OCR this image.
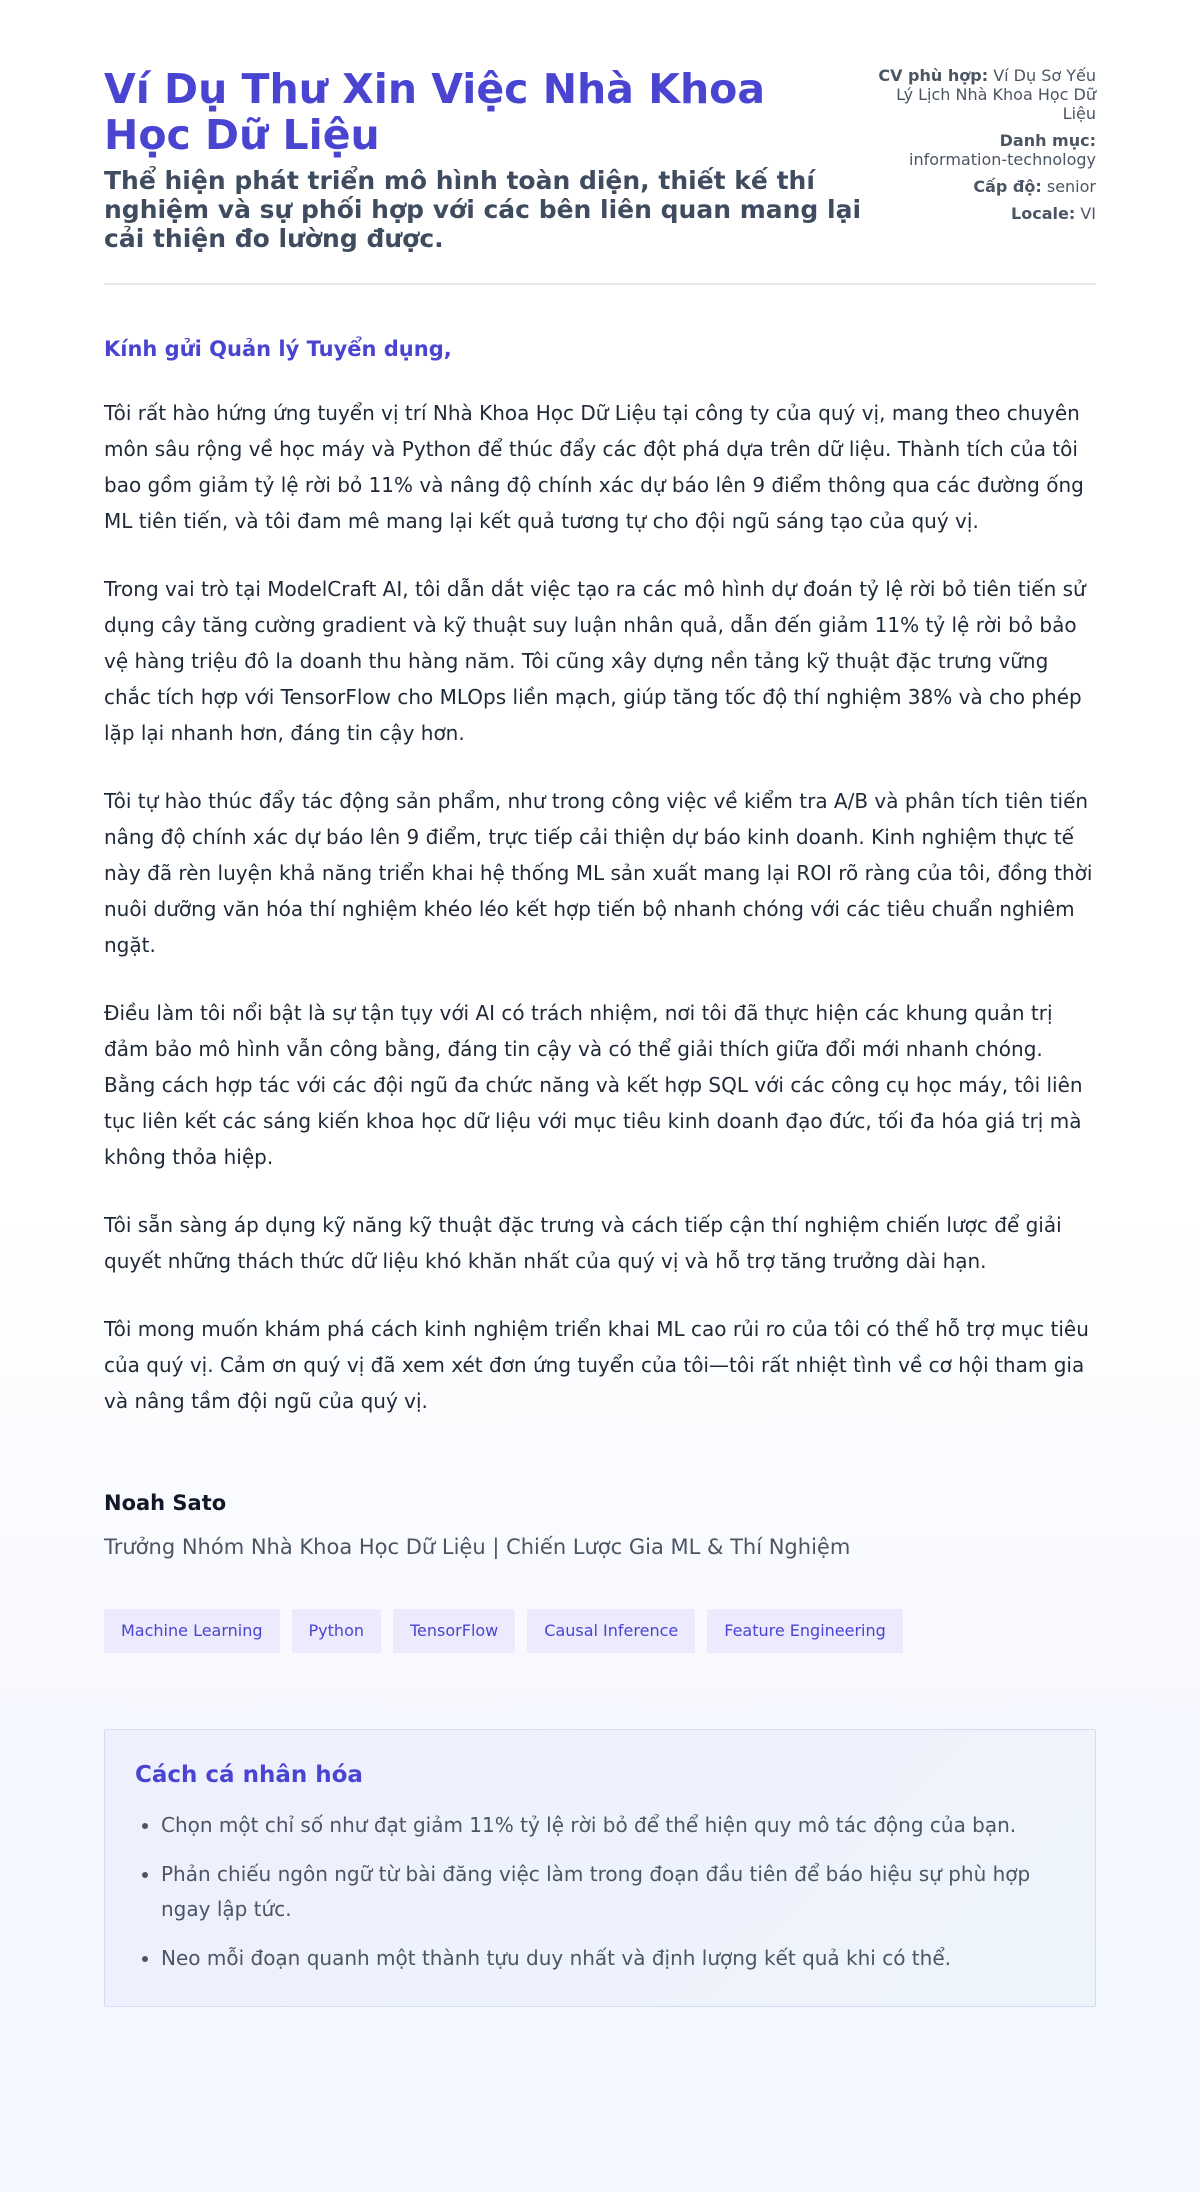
Ví Dụ Thư Xin Việc Nhà Khoa Học Dữ Liệu
Thể hiện phát triển mô hình toàn diện, thiết kế thí nghiệm và sự phối hợp với các bên liên quan mang lại cải thiện đo lường được.
CV phù hợp: Ví Dụ Sơ Yếu Lý Lịch Nhà Khoa Học Dữ Liệu
Danh mục:
information-technology
Cấp độ: senior
Locale: VI

Kính gửi Quản lý Tuyển dụng,

Tôi rất hào hứng ứng tuyển vị trí Nhà Khoa Học Dữ Liệu tại công ty của quý vị, mang theo chuyên môn sâu rộng về học máy và Python để thúc đẩy các đột phá dựa trên dữ liệu. Thành tích của tôi bao gồm giảm tỷ lệ rời bỏ 11% và nâng độ chính xác dự báo lên 9 điểm thông qua các đường ống ML tiên tiến, và tôi đam mê mang lại kết quả tương tự cho đội ngũ sáng tạo của quý vị.

Trong vai trò tại ModelCraft AI, tôi dẫn dắt việc tạo ra các mô hình dự đoán tỷ lệ rời bỏ tiên tiến sử dụng cây tăng cường gradient và kỹ thuật suy luận nhân quả, dẫn đến giảm 11% tỷ lệ rời bỏ bảo vệ hàng triệu đô la doanh thu hàng năm. Tôi cũng xây dựng nền tảng kỹ thuật đặc trưng vững chắc tích hợp với TensorFlow cho MLOps liền mạch, giúp tăng tốc độ thí nghiệm 38% và cho phép lặp lại nhanh hơn, đáng tin cậy hơn.

Tôi tự hào thúc đẩy tác động sản phẩm, như trong công việc về kiểm tra A/B và phân tích tiên tiến nâng độ chính xác dự báo lên 9 điểm, trực tiếp cải thiện dự báo kinh doanh. Kinh nghiệm thực tế này đã rèn luyện khả năng triển khai hệ thống ML sản xuất mang lại ROI rõ ràng của tôi, đồng thời nuôi dưỡng văn hóa thí nghiệm khéo léo kết hợp tiến bộ nhanh chóng với các tiêu chuẩn nghiêm ngặt.

Điều làm tôi nổi bật là sự tận tụy với AI có trách nhiệm, nơi tôi đã thực hiện các khung quản trị đảm bảo mô hình vẫn công bằng, đáng tin cậy và có thể giải thích giữa đổi mới nhanh chóng. Bằng cách hợp tác với các đội ngũ đa chức năng và kết hợp SQL với các công cụ học máy, tôi liên tục liên kết các sáng kiến khoa học dữ liệu với mục tiêu kinh doanh đạo đức, tối đa hóa giá trị mà không thỏa hiệp.

Tôi sẵn sàng áp dụng kỹ năng kỹ thuật đặc trưng và cách tiếp cận thí nghiệm chiến lược để giải quyết những thách thức dữ liệu khó khăn nhất của quý vị và hỗ trợ tăng trưởng dài hạn.

Tôi mong muốn khám phá cách kinh nghiệm triển khai ML cao rủi ro của tôi có thể hỗ trợ mục tiêu của quý vị. Cảm ơn quý vị đã xem xét đơn ứng tuyển của tôi—tôi rất nhiệt tình về cơ hội tham gia và nâng tầm đội ngũ của quý vị.

Noah Sato

Trưởng Nhóm Nhà Khoa Học Dữ Liệu | Chiến Lược Gia ML & Thí Nghiệm

Machine Learning	Python	TensorFlow	Causal Inference	Feature Engineering
Cách cá nhân hóa
• Chọn một chỉ số như đạt giảm 11% tỷ lệ rời bỏ để thể hiện quy mô tác động của bạn.
• Phản chiếu ngôn ngữ từ bài đăng việc làm trong đoạn đầu tiên để báo hiệu sự phù hợp ngay lập tức.
• Neo mỗi đoạn quanh một thành tựu duy nhất và định lượng kết quả khi có thể.
